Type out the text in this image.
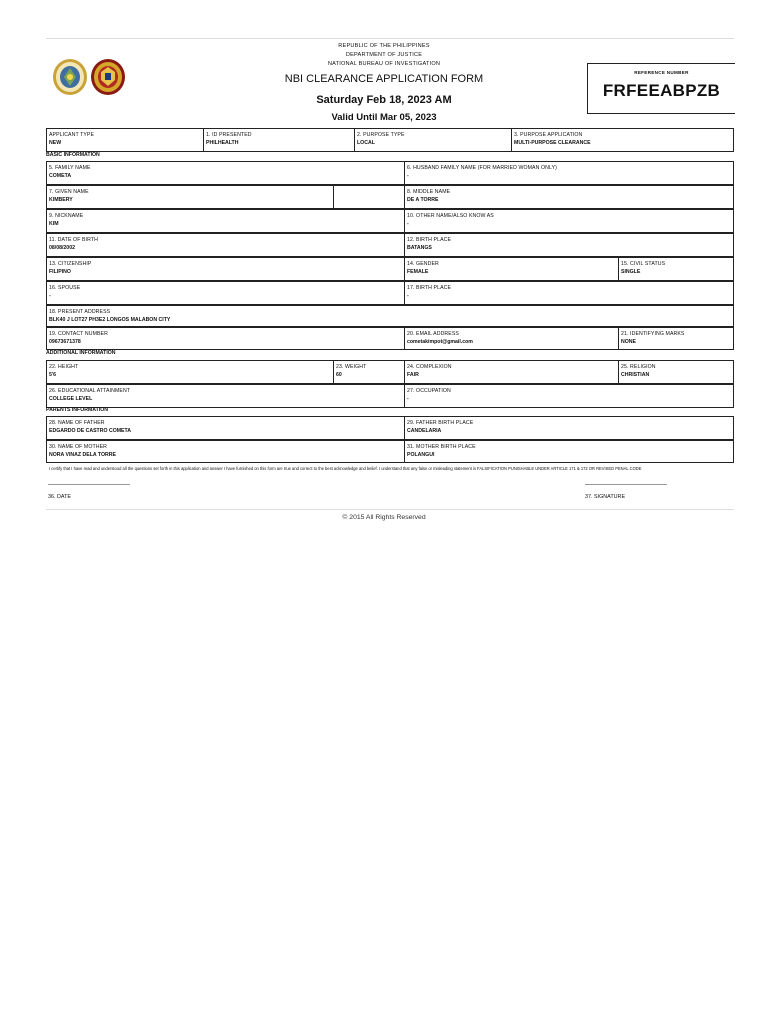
REPUBLIC OF THE PHILIPPINES
DEPARTMENT OF JUSTICE
NATIONAL BUREAU OF INVESTIGATION
NBI CLEARANCE APPLICATION FORM
Saturday Feb 18, 2023 AM
Valid Until Mar 05, 2023
REFERENCE NUMBER
FRFEEABPZB
APPLICANT TYPE
NEW
1. ID PRESENTED
PHILHEALTH
2. PURPOSE TYPE
LOCAL
3. PURPOSE APPLICATION
MULTI-PURPOSE CLEARANCE
BASIC INFORMATION
5. FAMILY NAME
COMETA
6. HUSBAND FAMILY NAME (FOR MARRIED WOMAN ONLY)
-
7. GIVEN NAME
KIMBERY
8. MIDDLE NAME
DE A TORRE
9. NICKNAME
KIM
10. OTHER NAME/ALSO KNOW AS
-
11. DATE OF BIRTH
08/08/2002
12. BIRTH PLACE
BATANGS
13. CITIZENSHIP
FILIPINO
14. GENDER
FEMALE
15. CIVIL STATUS
SINGLE
16. SPOUSE
-
17. BIRTH PLACE
-
18. PRESENT ADDRESS
BLK40 J LOT27 PH3E2 LONGOS MALABON CITY
19. CONTACT NUMBER
09673671378
20. EMAIL ADDRESS
cometakimpot@gmail.com
21. IDENTIFYING MARKS
NONE
ADDITIONAL INFORMATION
22. HEIGHT
5'6
23. WEIGHT
60
24. COMPLEXION
FAIR
25. RELIGION
CHRISTIAN
26. EDUCATIONAL ATTAINMENT
COLLEGE LEVEL
27. OCCUPATION
-
PARENTS INFORMATION
28. NAME OF FATHER
EDGARDO DE CASTRO COMETA
29. FATHER BIRTH PLACE
CANDELARIA
30. NAME OF MOTHER
NORA VINAZ DELA TORRE
31. MOTHER BIRTH PLACE
POLANGUI
I certify that I have read and understood all the questions set forth in this application and answer I have furnished on this form are true and correct to the best acknowledge and belief. I understand that any false or misleading statement is FALSIFICATION PUNISHABLE UNDER ARTICLE 171 & 172 OR REVISED PENAL CODE
36. DATE	37. SIGNATURE
© 2015 All Rights Reserved
